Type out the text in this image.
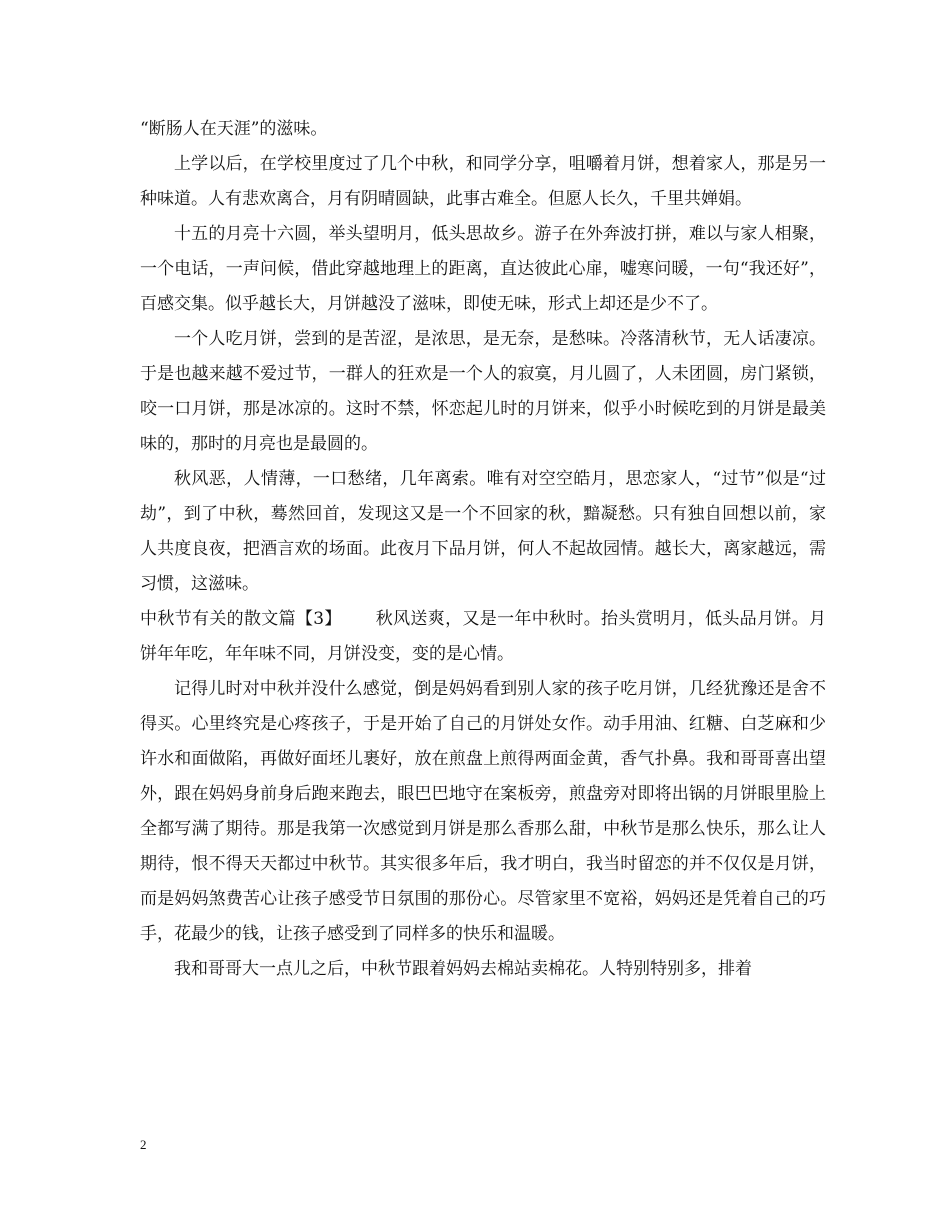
“断肠人在天涯”的滋味。

上学以后，在学校里度过了几个中秋，和同学分享，咀嚼着月饼，想着家人，那是另一种味道。人有悲欢离合，月有阴晴圆缺，此事古难全。但愿人长久，千里共婵娟。

十五的月亮十六圆，举头望明月，低头思故乡。游子在外奔波打拼，难以与家人相聚，一个电话，一声问候，借此穿越地理上的距离，直达彼此心扉，嘘寒问暖，一句“我还好”，百感交集。似乎越长大，月饼越没了滋味，即使无味，形式上却还是少不了。

一个人吃月饼，尝到的是苦涩，是浓思，是无奈，是愁味。冷落清秋节，无人话凄凉。于是也越来越不爱过节，一群人的狂欢是一个人的寂寞，月儿圆了，人未团圆，房门紧锁，咬一口月饼，那是冰凉的。这时不禁，怀恋起儿时的月饼来，似乎小时候吃到的月饼是最美味的，那时的月亮也是最圆的。

秋风恶，人情薄，一口愁绪，几年离索。唯有对空空皓月，思恋家人，“过节”似是“过劫”，到了中秋，蓦然回首，发现这又是一个不回家的秋，黯凝愁。只有独自回想以前，家人共度良夜，把酒言欢的场面。此夜月下品月饼，何人不起故园情。越长大，离家越远，需习惯，这滋味。

中秋节有关的散文篇【3】 秋风送爽，又是一年中秋时。抬头赏明月，低头品月饼。月饼年年吃，年年味不同，月饼没变，变的是心情。

记得儿时对中秋并没什么感觉，倒是妈妈看到别人家的孩子吃月饼，几经犹豫还是舍不得买。心里终究是心疼孩子，于是开始了自己的月饼处女作。动手用油、红糖、白芝麻和少许水和面做陷，再做好面坯儿裹好，放在煎盘上煎得两面金黄，香气扑鼻。我和哥哥喜出望外，跟在妈妈身前身后跑来跑去，眼巴巴地守在案板旁，煎盘旁对即将出锅的月饼眼里脸上全都写满了期待。那是我第一次感觉到月饼是那么香那么甜，中秋节是那么快乐，那么让人期待，恨不得天天都过中秋节。其实很多年后，我才明白，我当时留恋的并不仅仅是月饼，而是妈妈煞费苦心让孩子感受节日氛围的那份心。尽管家里不宽裕，妈妈还是凭着自己的巧手，花最少的钱，让孩子感受到了同样多的快乐和温暖。

我和哥哥大一点儿之后，中秋节跟着妈妈去棉站卖棉花。人特别特别多，排着

2
